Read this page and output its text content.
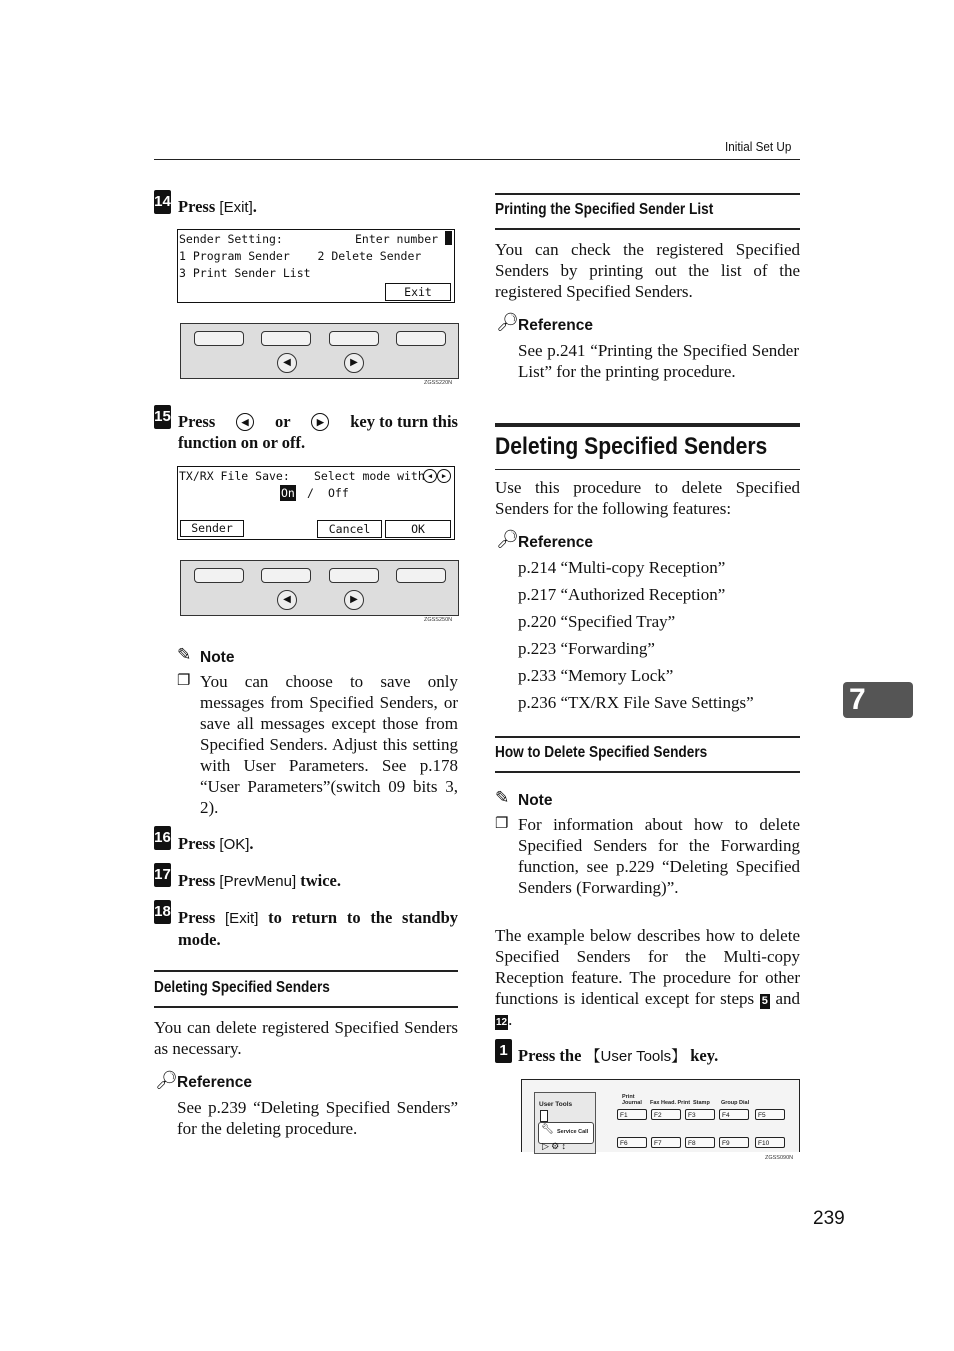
Initial Set Up
7
14 Press [Exit].
Sender Setting:	Enter number
1 Program Sender    2 Delete Sender
3 Print Sender List
Exit
◀	▶
ZGSS220N
15 Press	◀	or	▶	key to turn this
function on or off.
TX/RX File Save: Select mode with ◀	▶
On / Off
Sender	Cancel	OK
◀	▶
ZGSS250N
✎ Note
❐ You can choose to save only messages from Specified Senders, or save all messages except those from Specified Senders. Adjust this setting with User Parameters. See p.178 “User Parameters”(switch 09 bits 3, 2).
16 Press [OK].
17 Press [PrevMenu] twice.
18 Press [Exit] to return to the standby mode.
Deleting Specified Senders
You can delete registered Specified Senders as necessary.
🔎︎ Reference
See p.239 “Deleting Specified Senders” for the deleting procedure.
Printing the Specified Sender List
You can check the registered Specified Senders by printing out the list of the registered Specified Senders.
🔎︎ Reference
See p.241 “Printing the Specified Sender List” for the printing procedure.
Deleting Specified Senders
Use this procedure to delete Specified Senders for the following features:
🔎︎ Reference
p.214 “Multi-copy Reception”
p.217 “Authorized Reception”
p.220 “Specified Tray”
p.223 “Forwarding”
p.233 “Memory Lock”
p.236 “TX/RX File Save Settings”
How to Delete Specified Senders
✎ Note
❐ For information about how to delete Specified Senders for the Forwarding function, see p.229 “Deleting Specified Senders (Forwarding)”.
The example below describes how to delete Specified Senders for the Multi-copy Reception feature. The procedure for other functions is identical except for steps 5 and 12.
1 Press the 【User Tools】 key.
User Tools
🔧︎ Service Call
▷ ⚙ ↕
Print Journal	Fax Head. Print Stamp Group Dial
F1	F2	F3	F4	F5
F6	F7	F8	F9	F10
ZGSS090N
239
